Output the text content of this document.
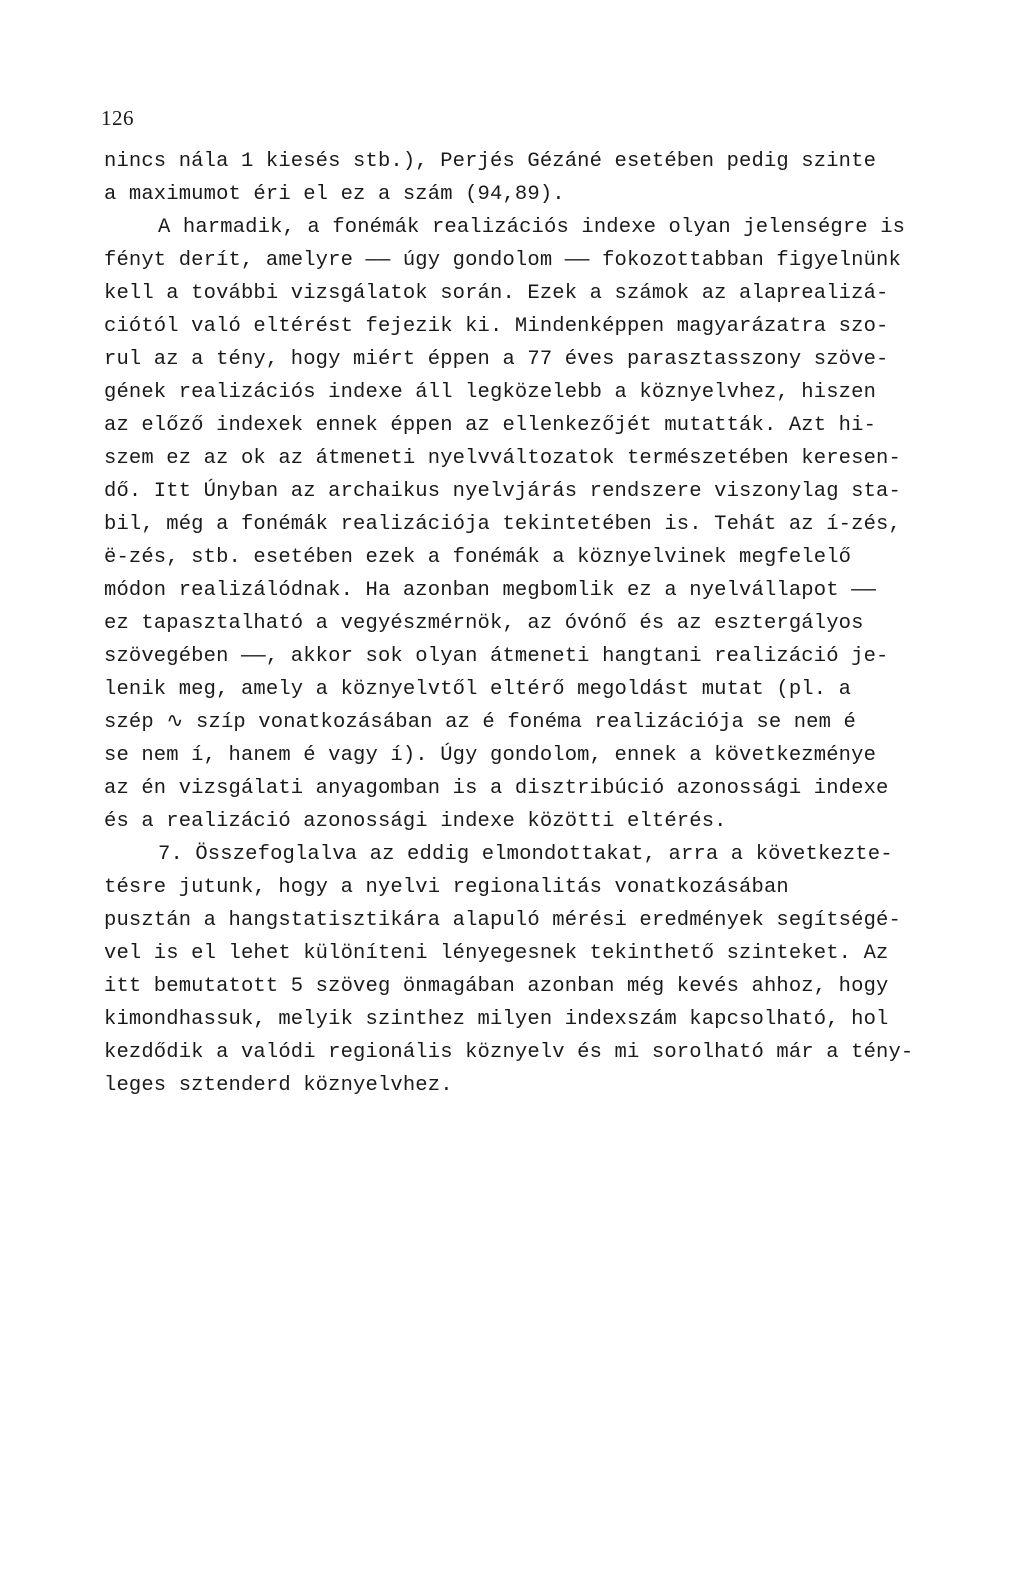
126
nincs nála 1 kiesés stb.), Perjés Gézáné esetében pedig szinte
a maximumot éri el ez a szám (94,89).
A harmadik, a fonémák realizációs indexe olyan jelenségre is
fényt derít, amelyre —— úgy gondolom —— fokozottabban figyelnünk
kell a további vizsgálatok során. Ezek a számok az alaprealizá-
ciótól való eltérést fejezik ki. Mindenképpen magyarázatra szo-
rul az a tény, hogy miért éppen a 77 éves parasztasszony szöve-
gének realizációs indexe áll legközelebb a köznyelvhez, hiszen
az előző indexek ennek éppen az ellenkezőjét mutatták. Azt hi-
szem ez az ok az átmeneti nyelvváltozatok természetében keresen-
dő. Itt Únyban az archaikus nyelvjárás rendszere viszonylag sta-
bil, még a fonémák realizációja tekintetében is. Tehát az í-zés,
ë-zés, stb. esetében ezek a fonémák a köznyelvinek megfelelő
módon realizálódnak. Ha azonban megbomlik ez a nyelvállapot ——
ez tapasztalható a vegyészmérnök, az óvónő és az esztergályos
szövegében ——, akkor sok olyan átmeneti hangtani realizáció je-
lenik meg, amely a köznyelvtől eltérő megoldást mutat (pl. a
szép ∿ szíp vonatkozásában az é fonéma realizációja se nem é
se nem í, hanem é vagy í). Úgy gondolom, ennek a következménye
az én vizsgálati anyagomban is a disztribúció azonossági indexe
és a realizáció azonossági indexe közötti eltérés.
7. Összefoglalva az eddig elmondottakat, arra a következte-
tésre jutunk, hogy a nyelvi regionalitás vonatkozásában
pusztán a hangstatisztikára alapuló mérési eredmények segítségé-
vel is el lehet különíteni lényegesnek tekinthető szinteket. Az
itt bemutatott 5 szöveg önmagában azonban még kevés ahhoz, hogy
kimondhassuk, melyik szinthez milyen indexszám kapcsolható, hol
kezdődik a valódi regionális köznyelv és mi sorolható már a tény-
leges sztenderd köznyelvhez.
